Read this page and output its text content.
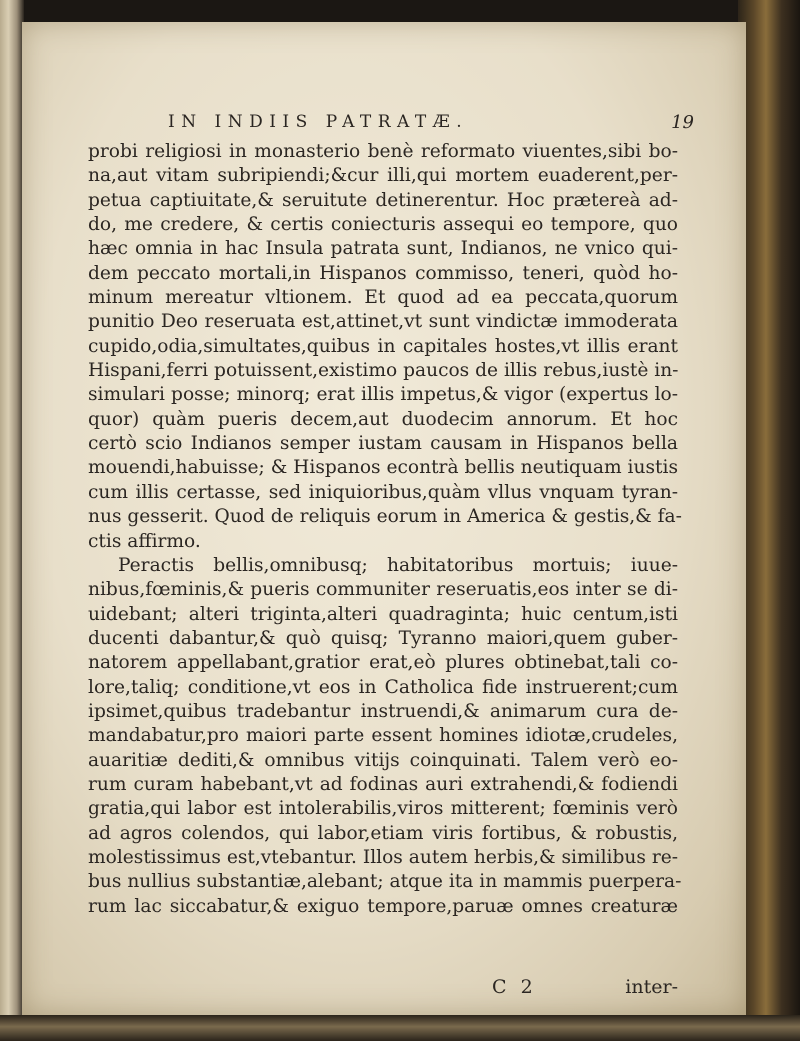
IN INDIIS PATRATÆ.	19
probi religiosi in monasterio benè reformato viuentes,sibi bo-
na,aut vitam subripiendi;&cur illi,qui mortem euaderent,per-
petua captiuitate,& seruitute detinerentur. Hoc prætereà ad-
do, me credere, & certis coniecturis assequi eo tempore, quo
hæc omnia in hac Insula patrata sunt, Indianos, ne vnico qui-
dem peccato mortali,in Hispanos commisso, teneri, quòd ho-
minum mereatur vltionem. Et quod ad ea peccata,quorum
punitio Deo reseruata est,attinet,vt sunt vindictæ immoderata
cupido,odia,simultates,quibus in capitales hostes,vt illis erant
Hispani,ferri potuissent,existimo paucos de illis rebus,iustè in-
simulari posse; minorq; erat illis impetus,& vigor (expertus lo-
quor) quàm pueris decem,aut duodecim annorum. Et hoc
certò scio Indianos semper iustam causam in Hispanos bella
mouendi,habuisse; & Hispanos econtrà bellis neutiquam iustis
cum illis certasse, sed iniquioribus,quàm vllus vnquam tyran-
nus gesserit. Quod de reliquis eorum in America & gestis,& fa-
ctis affirmo.
Peractis bellis,omnibusq; habitatoribus mortuis; iuue-
nibus,fœminis,& pueris communiter reseruatis,eos inter se di-
uidebant; alteri triginta,alteri quadraginta; huic centum,isti
ducenti dabantur,& quò quisq; Tyranno maiori,quem guber-
natorem appellabant,gratior erat,eò plures obtinebat,tali co-
lore,taliq; conditione,vt eos in Catholica fide instruerent;cum
ipsimet,quibus tradebantur instruendi,& animarum cura de-
mandabatur,pro maiori parte essent homines idiotæ,crudeles,
auaritiæ dediti,& omnibus vitijs coinquinati. Talem verò eo-
rum curam habebant,vt ad fodinas auri extrahendi,& fodiendi
gratia,qui labor est intolerabilis,viros mitterent; fœminis verò
ad agros colendos, qui labor,etiam viris fortibus, & robustis,
molestissimus est,vtebantur. Illos autem herbis,& similibus re-
bus nullius substantiæ,alebant; atque ita in mammis puerpera-
rum lac siccabatur,& exiguo tempore,paruæ omnes creaturæ
C 2	inter-
